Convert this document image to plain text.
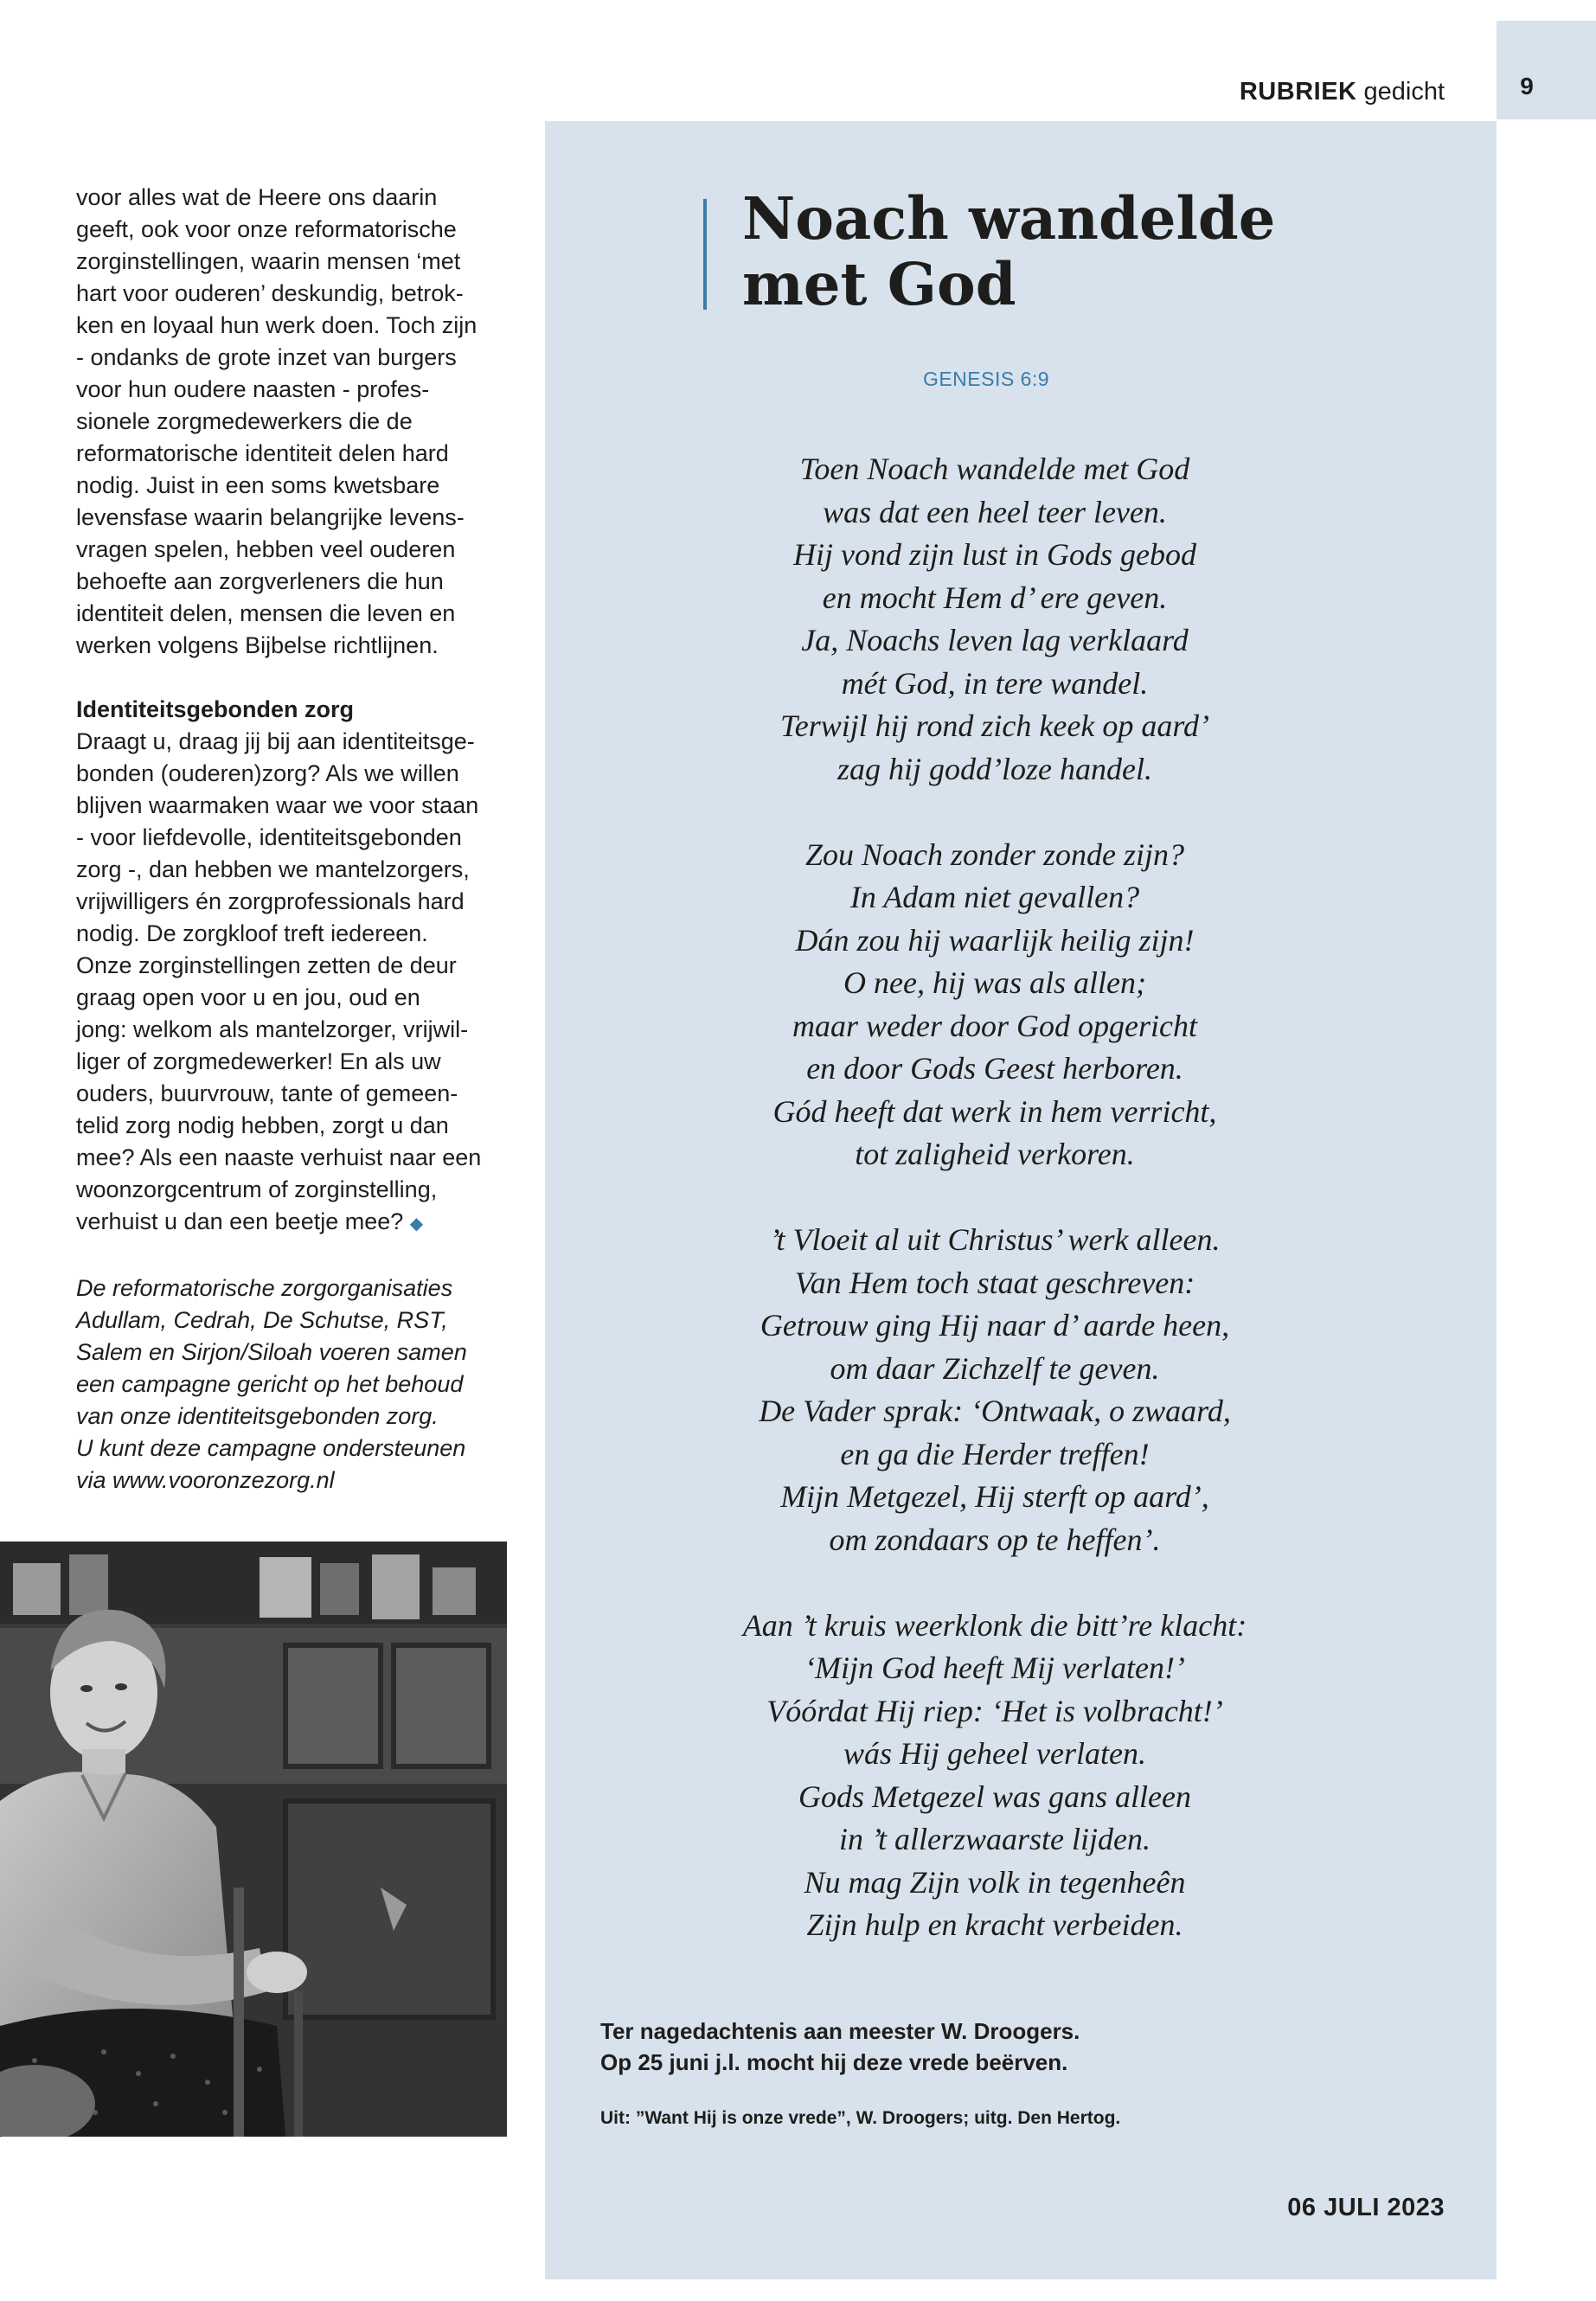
9
RUBRIEK gedicht

voor alles wat de Heere ons daarin

geeft, ook voor onze reformatorische

zorginstellingen, waarin mensen ‘met

hart voor ouderen’ deskundig, betrok-

ken en loyaal hun werk doen. Toch zijn

- ondanks de grote inzet van burgers

voor hun oudere naasten - profes-

sionele zorgmedewerkers die de

reformatorische identiteit delen hard

nodig. Juist in een soms kwetsbare

levensfase waarin belangrijke levens-

vragen spelen, hebben veel ouderen

behoefte aan zorgverleners die hun

identiteit delen, mensen die leven en

werken volgens Bijbelse richtlijnen.

Identiteitsgebonden zorg

Draagt u, draag jij bij aan identiteitsge-

bonden (ouderen)zorg? Als we willen

blijven waarmaken waar we voor staan

- voor liefdevolle, identiteitsgebonden

zorg -, dan hebben we mantelzorgers,

vrijwilligers én zorgprofessionals hard

nodig. De zorgkloof treft iedereen.

Onze zorginstellingen zetten de deur

graag open voor u en jou, oud en

jong: welkom als mantelzorger, vrijwil-

liger of zorgmedewerker! En als uw

ouders, buurvrouw, tante of gemeen-

telid zorg nodig hebben, zorgt u dan

mee? Als een naaste verhuist naar een

woonzorgcentrum of zorginstelling,

verhuist u dan een beetje mee? ◆

De reformatorische zorgorganisaties

Adullam, Cedrah, De Schutse, RST,

Salem en Sirjon/Siloah voeren samen

een campagne gericht op het behoud

van onze identiteitsgebonden zorg.

U kunt deze campagne ondersteunen

via www.vooronzezorg.nl

Noach wandelde
met God
GENESIS 6:9
Toen Noach wandelde met God
was dat een heel teer leven.
Hij vond zijn lust in Gods gebod
en mocht Hem d’ ere geven.
Ja, Noachs leven lag verklaard
mét God, in tere wandel.
Terwijl hij rond zich keek op aard’
zag hij godd’loze handel.
Zou Noach zonder zonde zijn?
In Adam niet gevallen?
Dán zou hij waarlijk heilig zijn!
O nee, hij was als allen;
maar weder door God opgericht
en door Gods Geest herboren.
Gód heeft dat werk in hem verricht,
tot zaligheid verkoren.
’t Vloeit al uit Christus’ werk alleen.
Van Hem toch staat geschreven:
Getrouw ging Hij naar d’ aarde heen,
om daar Zichzelf te geven.
De Vader sprak: ‘Ontwaak, o zwaard,
en ga die Herder treffen!
Mijn Metgezel, Hij sterft op aard’,
om zondaars op te heffen’.
Aan ’t kruis weerklonk die bitt’re klacht:
‘Mijn God heeft Mij verlaten!’
Vóórdat Hij riep: ‘Het is volbracht!’
wás Hij geheel verlaten.
Gods Metgezel was gans alleen
in ’t allerzwaarste lijden.
Nu mag Zijn volk in tegenheên
Zijn hulp en kracht verbeiden.
Ter nagedachtenis aan meester W. Droogers.
Op 25 juni j.l. mocht hij deze vrede beërven.
Uit: ”Want Hij is onze vrede”, W. Droogers; uitg. Den Hertog.
06 JULI 2023
